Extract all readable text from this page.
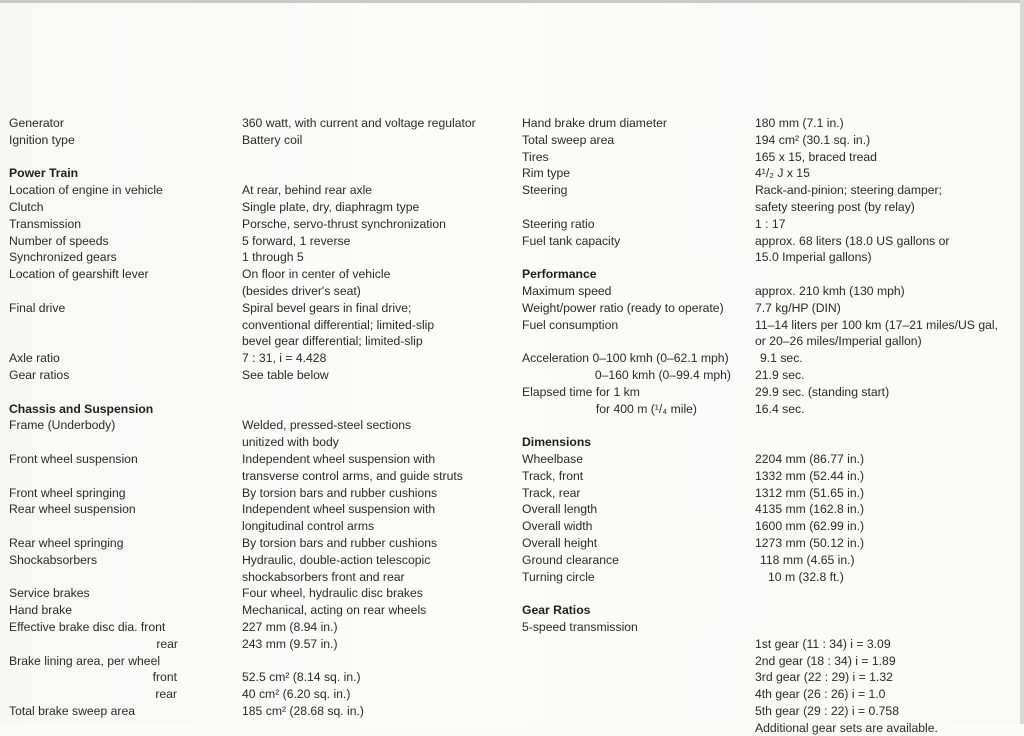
Generator
Ignition type
Power Train
Location of engine in vehicle
Clutch
Transmission
Number of speeds
Synchronized gears
Location of gearshift lever
Final drive
Axle ratio
Gear ratios
Chassis and Suspension
Frame (Underbody)
Front wheel suspension
Front wheel springing
Rear wheel suspension
Rear wheel springing
Shockabsorbers
Service brakes
Hand brake
Effective brake disc dia. front
rear
Brake lining area, per wheel
front
rear
Total brake sweep area
360 watt, with current and voltage regulator
Battery coil
At rear, behind rear axle
Single plate, dry, diaphragm type
Porsche, servo-thrust synchronization
5 forward, 1 reverse
1 through 5
On floor in center of vehicle
(besides driver's seat)
Spiral bevel gears in final drive;
conventional differential; limited-slip
bevel gear differential; limited-slip
7 : 31, i = 4.428
See table below
Welded, pressed-steel sections
unitized with body
Independent wheel suspension with
transverse control arms, and guide struts
By torsion bars and rubber cushions
Independent wheel suspension with
longitudinal control arms
By torsion bars and rubber cushions
Hydraulic, double-action telescopic
shockabsorbers front and rear
Four wheel, hydraulic disc brakes
Mechanical, acting on rear wheels
227 mm (8.94 in.)
243 mm (9.57 in.)
52.5 cm² (8.14 sq. in.)
40 cm² (6.20 sq. in.)
185 cm² (28.68 sq. in.)
Hand brake drum diameter
Total sweep area
Tires
Rim type
Steering
Steering ratio
Fuel tank capacity
Performance
Maximum speed
Weight/power ratio (ready to operate)
Fuel consumption
Acceleration 0–100 kmh (0–62.1 mph)
0–160 kmh (0–99.4 mph)
Elapsed time for 1 km
for 400 m (¹/₄ mile)
Dimensions
Wheelbase
Track, front
Track, rear
Overall length
Overall width
Overall height
Ground clearance
Turning circle
Gear Ratios
5-speed transmission
180 mm (7.1 in.)
194 cm² (30.1 sq. in.)
165 x 15, braced tread
4¹/₂ J x 15
Rack-and-pinion; steering damper;
safety steering post (by relay)
1 : 17
approx. 68 liters (18.0 US gallons or
15.0 Imperial gallons)
approx. 210 kmh (130 mph)
7.7 kg/HP (DIN)
11–14 liters per 100 km (17–21 miles/US gal,
or 20–26 miles/Imperial gallon)
9.1 sec.
21.9 sec.
29.9 sec. (standing start)
16.4 sec.
2204 mm (86.77 in.)
1332 mm (52.44 in.)
1312 mm (51.65 in.)
4135 mm (162.8 in.)
1600 mm (62.99 in.)
1273 mm (50.12 in.)
118 mm (4.65 in.)
10 m (32.8 ft.)
1st gear (11 : 34) i = 3.09
2nd gear (18 : 34) i = 1.89
3rd gear (22 : 29) i = 1.32
4th gear (26 : 26) i = 1.0
5th gear (29 : 22) i = 0.758
Additional gear sets are available.
